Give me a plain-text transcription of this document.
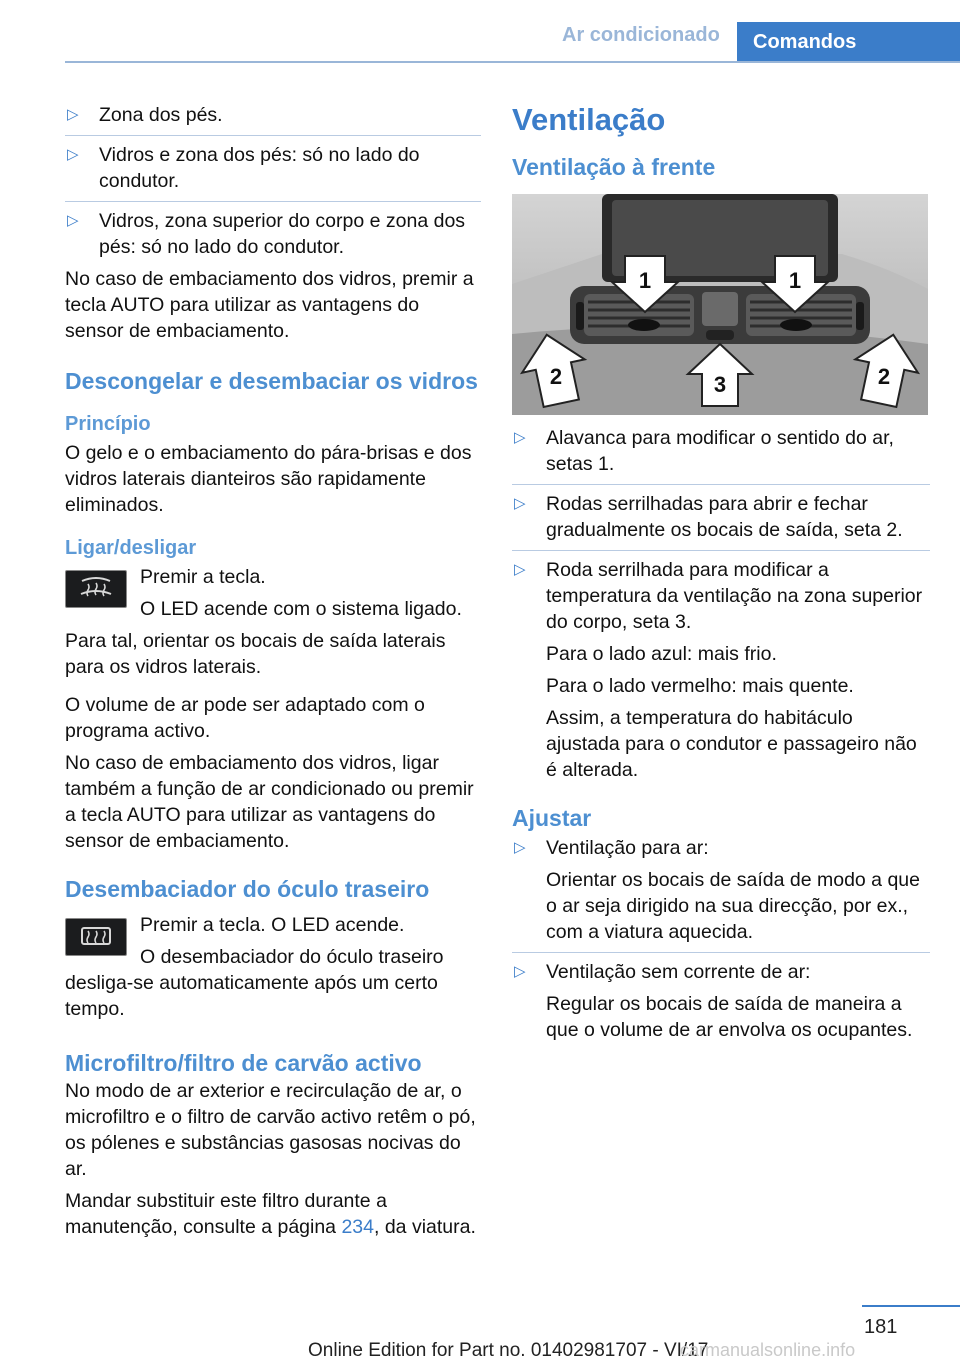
Ar condicionado Comandos
▷ Zona dos pés.
▷ Vidros e zona dos pés: só no lado do condutor.
▷ Vidros, zona superior do corpo e zona dos pés: só no lado do condutor.

No caso de embaciamento dos vidros, premir a tecla AUTO para utilizar as vantagens do sensor de embaciamento.

Descongelar e desembaciar os vidros
Princípio

O gelo e o embaciamento do pára-brisas e dos vidros laterais dianteiros são rapidamente eliminados.

Ligar/desligar

Premir a tecla.

O LED acende com o sistema ligado.

Para tal, orientar os bocais de saída laterais para os vidros laterais.

O volume de ar pode ser adaptado com o programa activo.

No caso de embaciamento dos vidros, ligar também a função de ar condicionado ou premir a tecla AUTO para utilizar as vantagens do sensor de embaciamento.

Desembaciador do óculo traseiro

Premir a tecla. O LED acende.

O desembaciador do óculo traseiro desliga-se automaticamente após um certo tempo.

Microfiltro/filtro de carvão activo

No modo de ar exterior e recirculação de ar, o microfiltro e o filtro de carvão activo retêm o pó, os pólenes e substâncias gasosas nocivas do ar.

Mandar substituir este filtro durante a manutenção, consulte a página 234, da viatura.

Ventilação
Ventilação à frente
1	1
2	2
3
▷ Alavanca para modificar o sentido do ar, setas 1.
▷ Rodas serrilhadas para abrir e fechar gradualmente os bocais de saída, seta 2.
▷ Roda serrilhada para modificar a temperatura da ventilação na zona superior do corpo, seta 3.

Para o lado azul: mais frio.

Para o lado vermelho: mais quente.

Assim, a temperatura do habitáculo ajustada para o condutor e passageiro não é alterada.

Ajustar
▷ Ventilação para ar:

Orientar os bocais de saída de modo a que o ar seja dirigido na sua direcção, por ex., com a viatura aquecida.

▷ Ventilação sem corrente de ar:

Regular os bocais de saída de maneira a que o volume de ar envolva os ocupantes.

181
Online Edition for Part no. 01402981707 - VI/17
carmanualsonline.info
